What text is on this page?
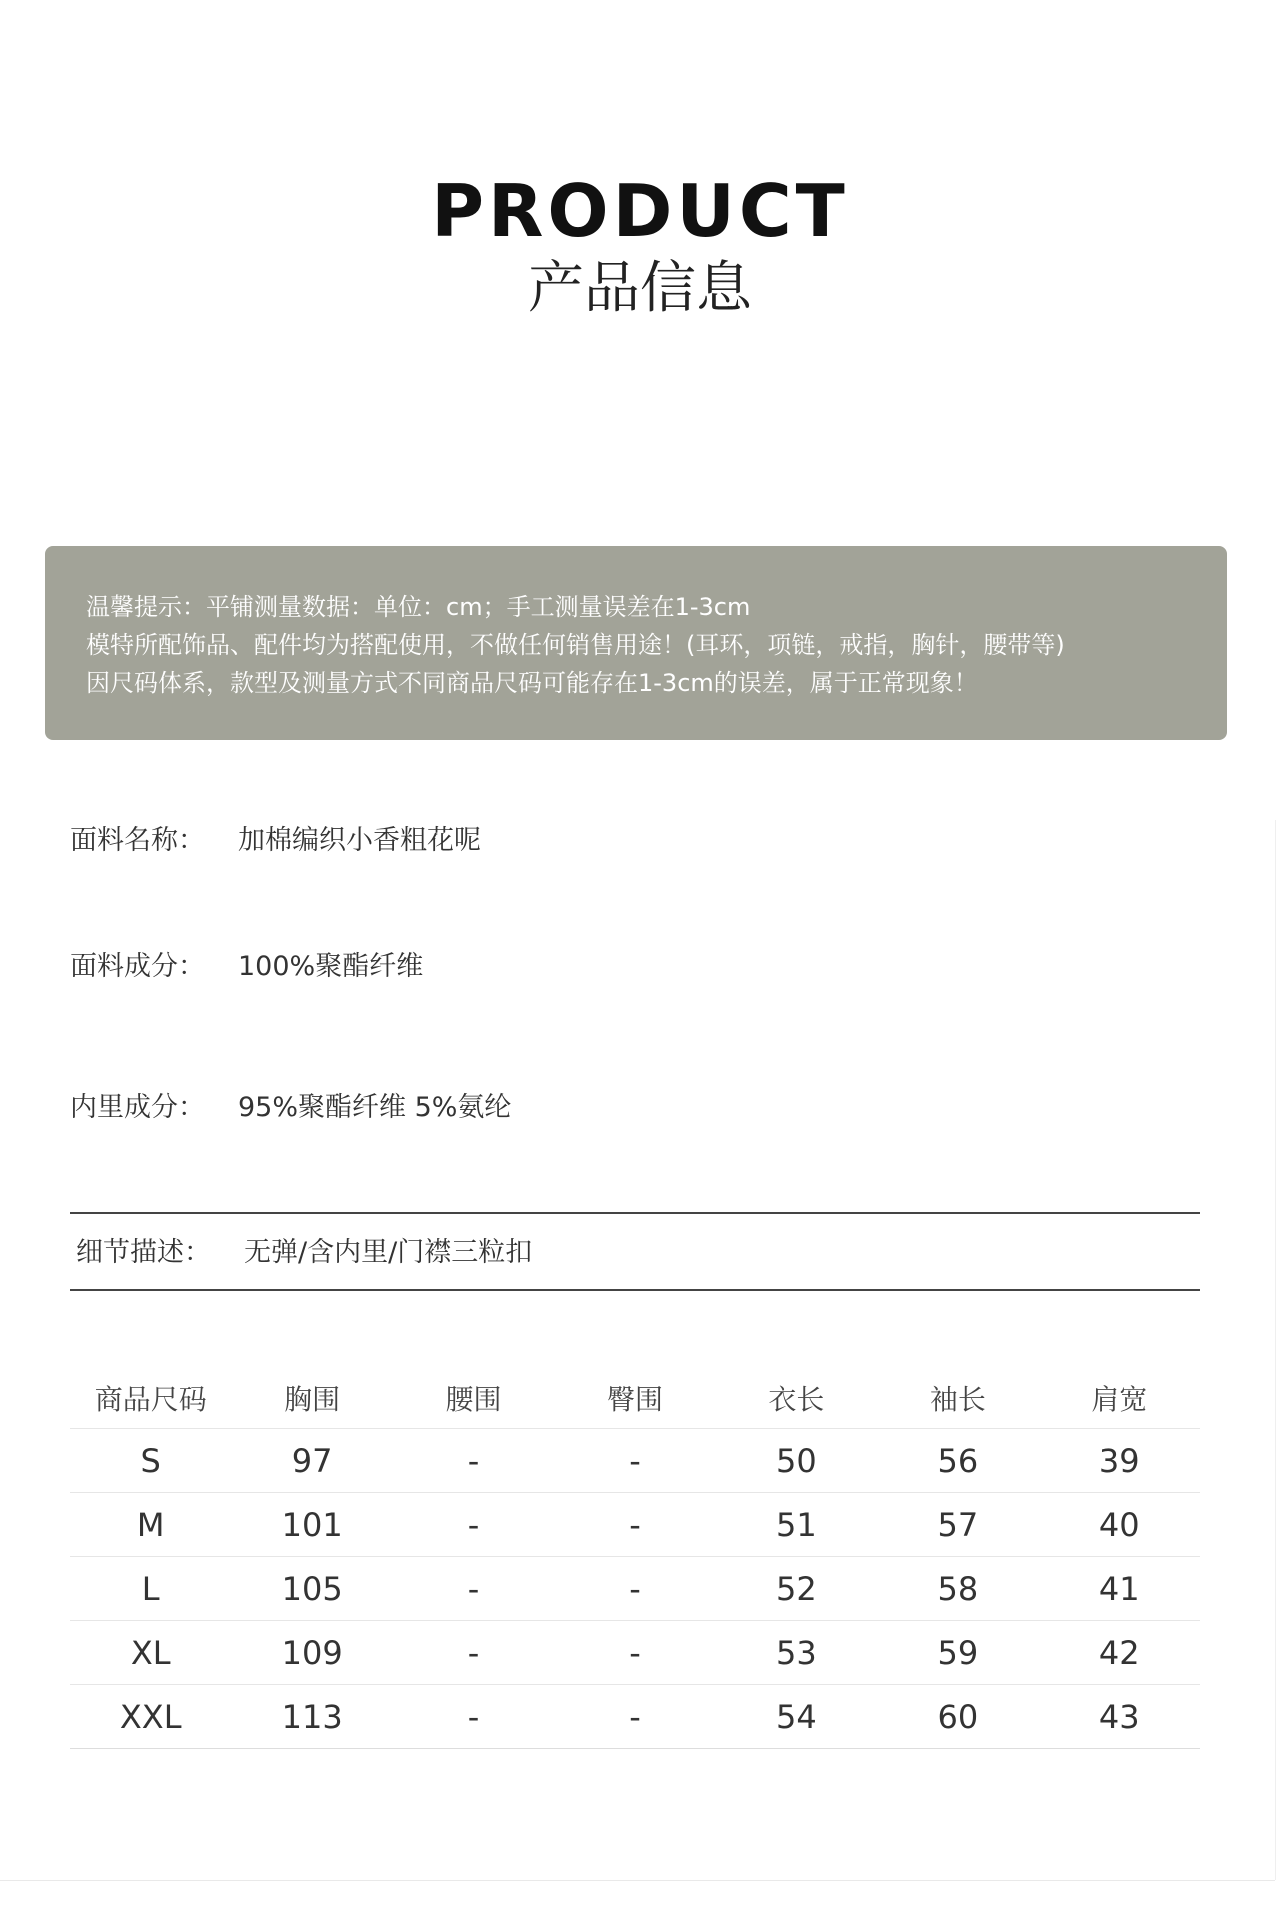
PRODUCT
产品信息
温馨提示：平铺测量数据：单位：cm；手工测量误差在1-3cm
模特所配饰品、配件均为搭配使用，不做任何销售用途！(耳环，项链，戒指，胸针，腰带等)
因尺码体系，款型及测量方式不同商品尺码可能存在1-3cm的误差，属于正常现象！
面料名称：	加棉编织小香粗花呢
面料成分：	100%聚酯纤维
内里成分：	95%聚酯纤维 5%氨纶
细节描述：	无弹/含内里/门襟三粒扣
商品尺码	胸围	腰围	臀围	衣长	袖长	肩宽
S	97	-	-	50	56	39
M	101	-	-	51	57	40
L	105	-	-	52	58	41
XL	109	-	-	53	59	42
XXL	113	-	-	54	60	43
